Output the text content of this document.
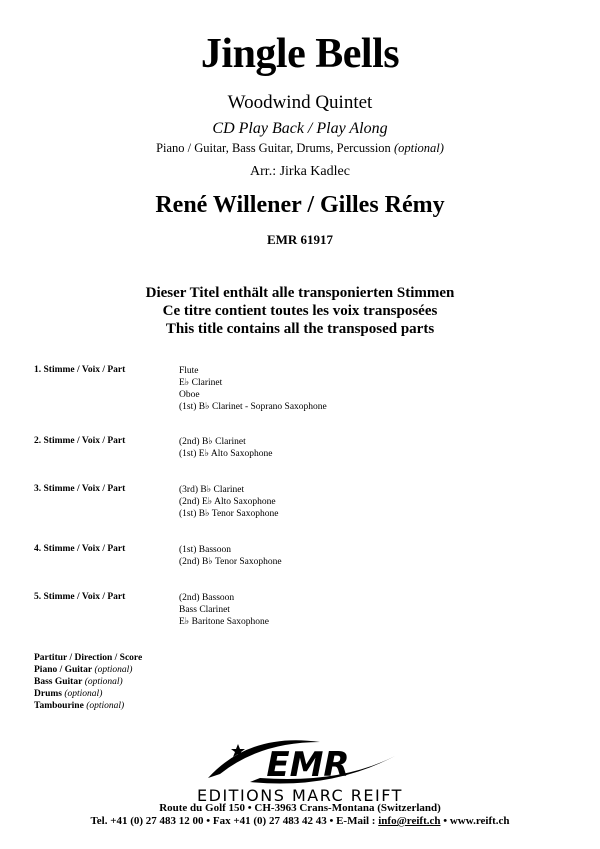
Jingle Bells
Woodwind Quintet
CD Play Back / Play Along
Piano / Guitar, Bass Guitar, Drums, Percussion (optional)
Arr.: Jirka Kadlec
René Willener / Gilles Rémy
EMR 61917
Dieser Titel enthält alle transponierten Stimmen
Ce titre contient toutes les voix transposées
This title contains all the transposed parts
1. Stimme / Voix / Part	Flute
E♭ Clarinet
Oboe
(1st) B♭ Clarinet - Soprano Saxophone
2. Stimme / Voix / Part	(2nd) B♭ Clarinet
(1st) E♭ Alto Saxophone
3. Stimme / Voix / Part	(3rd) B♭ Clarinet
(2nd) E♭ Alto Saxophone
(1st) B♭ Tenor Saxophone
4. Stimme / Voix / Part	(1st) Bassoon
(2nd) B♭ Tenor Saxophone
5. Stimme / Voix / Part	(2nd) Bassoon
Bass Clarinet
E♭ Baritone Saxophone
Partitur / Direction / Score
Piano / Guitar (optional)
Bass Guitar (optional)
Drums (optional)
Tambourine (optional)
EMR
EDITIONS MARC REIFT
Route du Golf 150 • CH-3963 Crans-Montana (Switzerland)
Tel. +41 (0) 27 483 12 00 • Fax +41 (0) 27 483 42 43 • E-Mail : info@reift.ch • www.reift.ch
